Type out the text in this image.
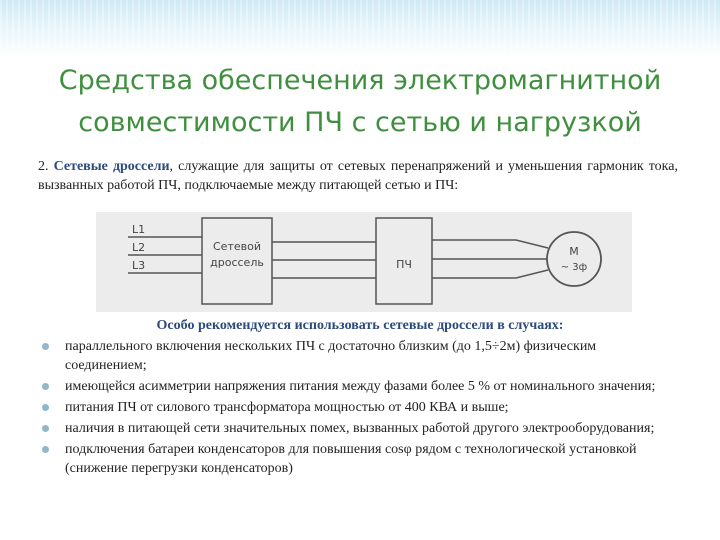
Средства обеспечения электромагнитной совместимости ПЧ с сетью и нагрузкой

2. Сетевые дроссели, служащие для защиты от сетевых перенапряжений и уменьшения гармоник тока, вызванных работой ПЧ, подключаемые между питающей сетью и ПЧ:

L1
L2
L3
Сетевой
дроссель	ПЧ
M
~ 3ф
Особо рекомендуется использовать сетевые дроссели в случаях:
параллельного включения нескольких ПЧ с достаточно близким (до 1,5÷2м) физическим соединением;
имеющейся асимметрии напряжения питания между фазами более 5 % от номинального значения;
питания ПЧ от силового трансформатора мощностью от 400 КВА и выше;
наличия в питающей сети значительных помех, вызванных работой другого электрооборудования;
подключения батареи конденсаторов для повышения cosφ рядом с технологической установкой (снижение перегрузки конденсаторов)
